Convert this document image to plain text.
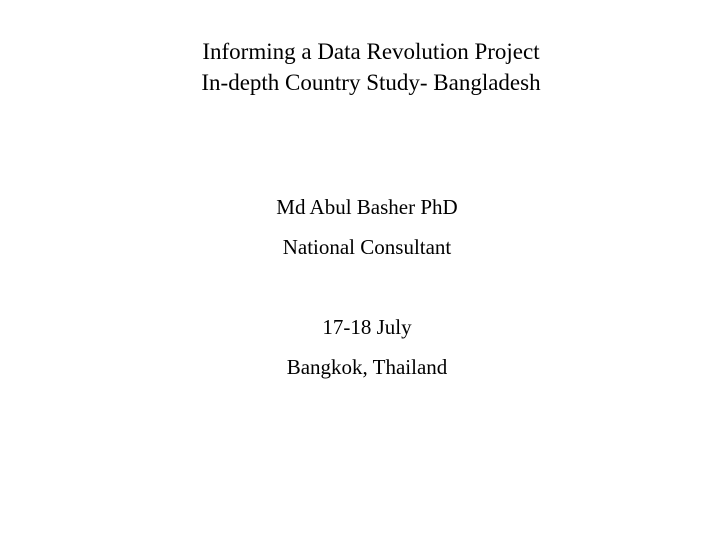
Informing a Data Revolution Project
In-depth Country Study- Bangladesh
Md Abul Basher PhD
National Consultant
17-18 July
Bangkok, Thailand
